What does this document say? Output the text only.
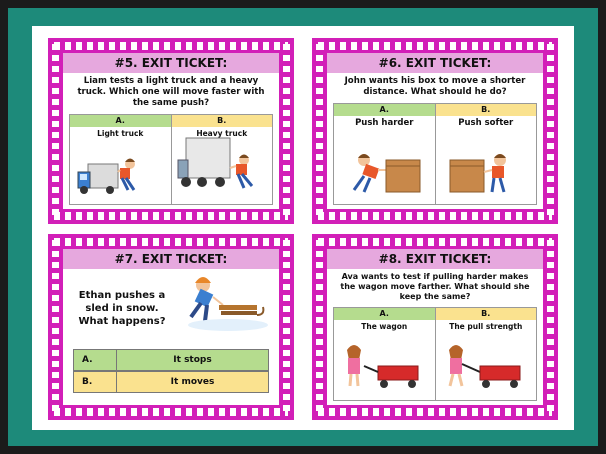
#5. EXIT TICKET:
Liam tests a light truck and a heavy truck. Which one will move faster with the same push?
A.
Light truck
B.
Heavy truck
#6. EXIT TICKET:
John wants his box to move a shorter distance. What should he do?
A.
Push harder
B.
Push softer
#7. EXIT TICKET:
Ethan pushes a sled in snow. What happens?
A.	It stops
B.	It moves
#8. EXIT TICKET:
Ava wants to test if pulling harder makes the wagon move farther. What should she keep the same?
A.
The wagon
B.
The pull strength
